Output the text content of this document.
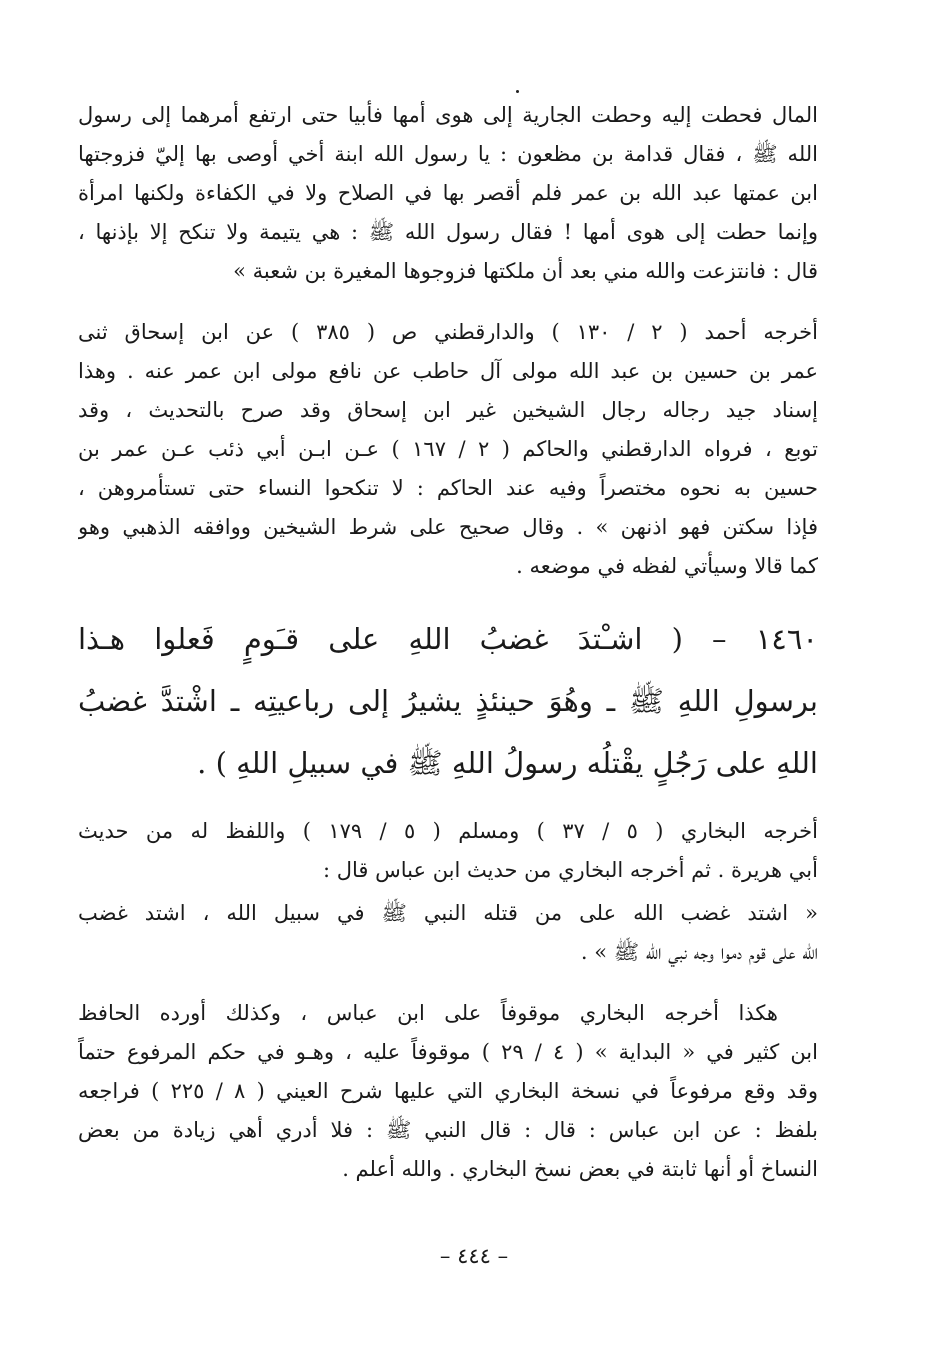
المال فحطت إليه وحطت الجارية إلى هوى أمها فأبيا حتى ارتفع أمرهما إلى رسول
الله ﷺ ، فقال قدامة بن مظعون : يا رسول الله ابنة أخي أوصى بها إليّ فزوجتها
ابن عمتها عبد الله بن عمر فلم أقصر بها في الصلاح ولا في الكفاءة ولكنها امرأة
وإنما حطت إلى هوى أمها ! فقال رسول الله ﷺ : هي يتيمة ولا تنكح إلا بإذنها ،
قال : فانتزعت والله مني بعد أن ملكتها فزوجوها المغيرة بن شعبة »
أخرجه أحمد ( ٢ / ١٣٠ ) والدارقطني ص ( ٣٨٥ ) عن ابن إسحاق ثنى
عمر بن حسين بن عبد الله مولى آل حاطب عن نافع مولى ابن عمر عنه . وهذا
إسناد جيد رجاله رجال الشيخين غير ابن إسحاق وقد صرح بالتحديث ، وقد
توبع ، فرواه الدارقطني والحاكم ( ٢ / ١٦٧ ) عـن ابـن أبي ذئب عـن عمر بن
حسين به نحوه مختصراً وفيه عند الحاكم : لا تنكحوا النساء حتى تستأمروهن ،
فإذا سكتن فهو اذنهن » . وقال صحيح على شرط الشيخين ووافقه الذهبي وهو
كما قالا وسيأتي لفظه في موضعه .
١٤٦٠ – ( اشـْتدَ غضبُ اللهِ على قـَومٍ فَعلوا هـذا
برسولِ اللهِ ﷺ ـ وهُوَ حينئذٍ يشيرُ إلى رباعيتِه ـ اشْتدَّ غضبُ
اللهِ على رَجُلٍ يقْتلُه رسولُ اللهِ ﷺ في سبيلِ اللهِ ) .
أخرجه البخاري ( ٥ / ٣٧ ) ومسلم ( ٥ / ١٧٩ ) واللفظ له من حديث
أبي هريرة . ثم أخرجه البخاري من حديث ابن عباس قال :
« اشتد غضب الله على من قتله النبي ﷺ في سبيل الله ، اشتد غضب
الله على قوم دموا وجه نبي الله ﷺ » .
هكذا أخرجه البخاري موقوفاً على ابن عباس ، وكذلك أورده الحافظ
ابن كثير في « البداية » ( ٤ / ٢٩ ) موقوفاً عليه ، وهـو في حكم المرفوع حتماً
وقد وقع مرفوعاً في نسخة البخاري التي عليها شرح العيني ( ٨ / ٢٢٥ ) فراجعه
بلفظ : عن ابن عباس : قال : قال النبي ﷺ : فلا أدري أهي زيادة من بعض
النساخ أو أنها ثابتة في بعض نسخ البخاري . والله أعلم .
– ٤٤٤ –
